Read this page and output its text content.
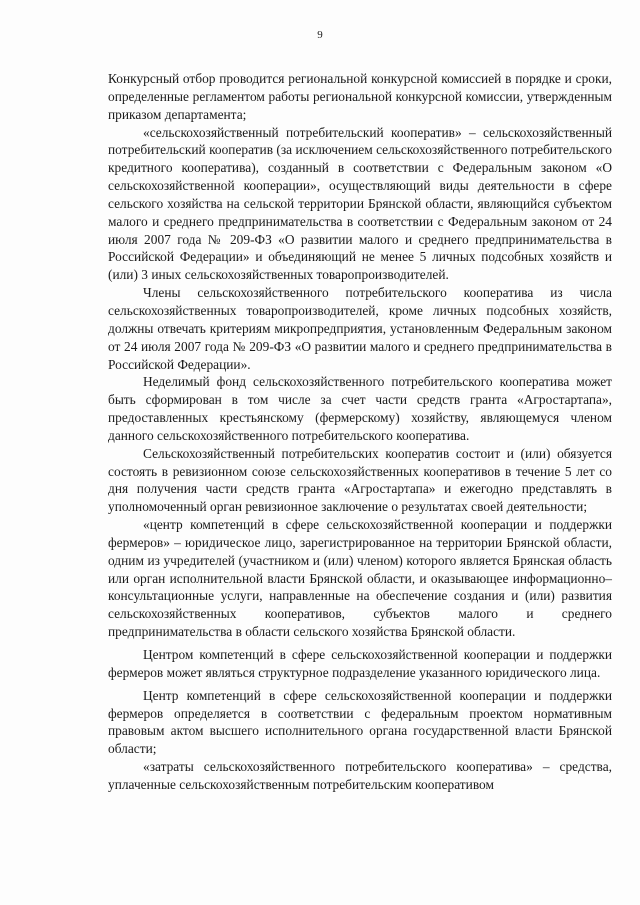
9

Конкурсный отбор проводится региональной конкурсной комиссией в порядке и сроки, определенные регламентом работы региональной конкурсной комиссии, утвержденным приказом департамента;

«сельскохозяйственный потребительский кооператив» – сельскохозяйственный потребительский кооператив (за исключением сельскохозяйственного потребительского кредитного кооператива), созданный в соответствии с Федеральным законом «О сельскохозяйственной кооперации», осуществляющий виды деятельности в сфере сельского хозяйства на сельской территории Брянской области, являющийся субъектом малого и среднего предпринимательства в соответствии с Федеральным законом от 24 июля 2007 года № 209-ФЗ «О развитии малого и среднего предпринимательства в Российской Федерации» и объединяющий не менее 5 личных подсобных хозяйств и (или) 3 иных сельскохозяйственных товаропроизводителей.

Члены сельскохозяйственного потребительского кооператива из числа сельскохозяйственных товаропроизводителей, кроме личных подсобных хозяйств, должны отвечать критериям микропредприятия, установленным Федеральным законом от 24 июля 2007 года № 209-ФЗ «О развитии малого и среднего предпринимательства в Российской Федерации».

Неделимый фонд сельскохозяйственного потребительского кооператива может быть сформирован в том числе за счет части средств гранта «Агростартапа», предоставленных крестьянскому (фермерскому) хозяйству, являющемуся членом данного сельскохозяйственного потребительского кооператива.

Сельскохозяйственный потребительских кооператив состоит и (или) обязуется состоять в ревизионном союзе сельскохозяйственных кооперативов в течение 5 лет со дня получения части средств гранта «Агростартапа» и ежегодно представлять в уполномоченный орган ревизионное заключение о результатах своей деятельности;

«центр компетенций в сфере сельскохозяйственной кооперации и поддержки фермеров» – юридическое лицо, зарегистрированное на территории Брянской области, одним из учредителей (участником и (или) членом) которого является Брянская область или орган исполнительной власти Брянской области, и оказывающее информационно–консультационные услуги, направленные на обеспечение создания и (или) развития сельскохозяйственных кооперативов, субъектов малого и среднего предпринимательства в области сельского хозяйства Брянской области.

Центром компетенций в сфере сельскохозяйственной кооперации и поддержки фермеров может являться структурное подразделение указанного юридического лица.

Центр компетенций в сфере сельскохозяйственной кооперации и поддержки фермеров определяется в соответствии с федеральным проектом нормативным правовым актом высшего исполнительного органа государственной власти Брянской области;

«затраты сельскохозяйственного потребительского кооператива» – средства, уплаченные сельскохозяйственным потребительским кооперативом
